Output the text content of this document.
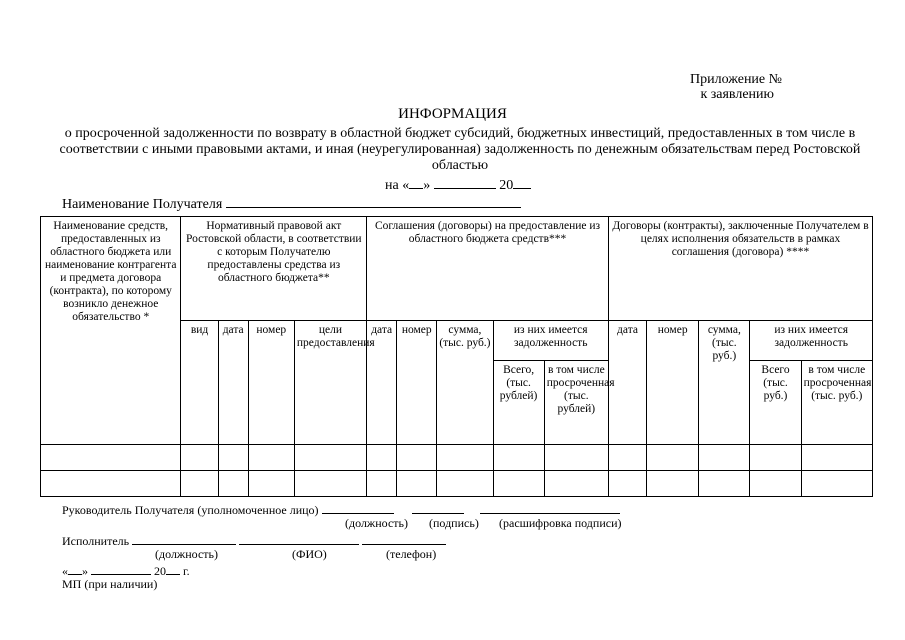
Приложение №
к заявлению
ИНФОРМАЦИЯ
о просроченной задолженности по возврату в областной бюджет субсидий, бюджетных инвестиций, предоставленных в том числе в соответствии с иными правовыми актами, и иная (неурегулированная) задолженность по денежным обязательствам перед Ростовской областью
на « »	20
Наименование Получателя
Наименование средств, предоставленных из областного бюджета или наименование контрагента и предмета договора (контракта), по которому возникло денежное обязательство *	Нормативный правовой акт Ростовской области, в соответствии с которым Получателю предоставлены средства из областного бюджета**				Соглашения (договоры) на предоставление из областного бюджета средств***					Договоры (контракты), заключенные Получателем в целях исполнения обязательств в рамках соглашения (договора) ****				
	вид	дата	номер	цели предоставления	дата	номер	сумма, (тыс. руб.)	из них имеется задолженность		дата	номер	сумма, (тыс. руб.)	из них имеется задолженность	
								Всего, (тыс. рублей)	в том числе просроченная (тыс. рублей)				Всего (тыс. руб.)	в том числе просроченная (тыс. руб.)

Руководитель Получателя (уполномоченное лицо)
(должность) (подпись) (расшифровка подписи)
Исполнитель
(должность)	(ФИО)	(телефон)
« »	20 г.
МП (при наличии)
